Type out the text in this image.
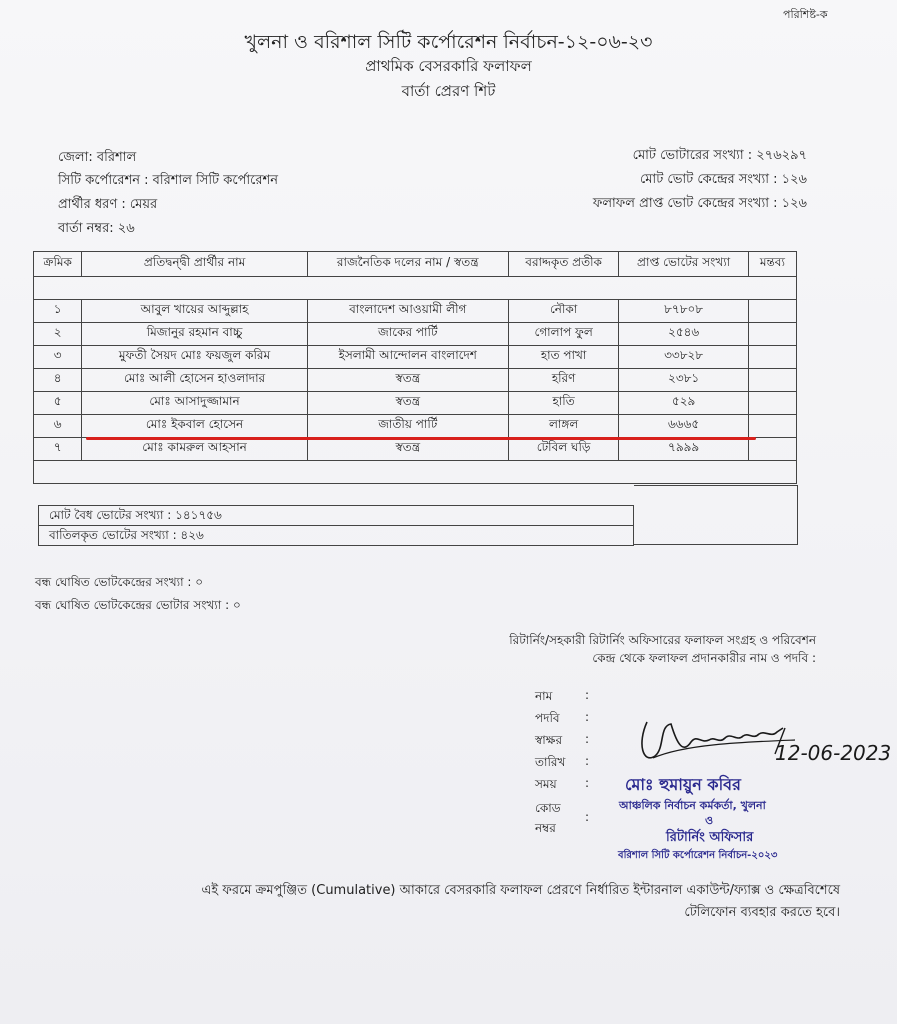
পরিশিষ্ট-ক
খুলনা ও বরিশাল সিটি কর্পোরেশন নির্বাচন-১২-০৬-২৩
প্রাথমিক বেসরকারি ফলাফল
বার্তা প্রেরণ শিট
জেলা: বরিশাল
সিটি কর্পোরেশন : বরিশাল সিটি কর্পোরেশন
প্রার্থীর ধরণ : মেয়র
বার্তা নম্বর: ২৬
মোট ভোটারের সংখ্যা : ২৭৬২৯৭
মোট ভোট কেন্দ্রের সংখ্যা : ১২৬
ফলাফল প্রাপ্ত ভোট কেন্দ্রের সংখ্যা : ১২৬
ক্রমিক	প্রতিদ্বন্দ্বী প্রার্থীর নাম	রাজনৈতিক দলের নাম / স্বতন্ত্র	বরাদ্দকৃত প্রতীক	প্রাপ্ত ভোটের সংখ্যা	মন্তব্য

১	আবুল খায়ের আব্দুল্লাহ	বাংলাদেশ আওয়ামী লীগ	নৌকা	৮৭৮০৮	
২	মিজানুর রহমান বাচ্চু	জাকের পার্টি	গোলাপ ফুল	২৫৪৬	
৩	মুফতী সৈয়দ মোঃ ফয়জুল করিম	ইসলামী আন্দোলন বাংলাদেশ	হাত পাখা	৩৩৮২৮	
৪	মোঃ আলী হোসেন হাওলাদার	স্বতন্ত্র	হরিণ	২৩৮১	
৫	মোঃ আসাদুজ্জামান	স্বতন্ত্র	হাতি	৫২৯	
৬	মোঃ ইকবাল হোসেন	জাতীয় পার্টি	লাঙ্গল	৬৬৬৫	
৭	মোঃ কামরুল আহসান	স্বতন্ত্র	টেবিল ঘড়ি	৭৯৯৯	

মোট বৈধ ভোটের সংখ্যা : ১৪১৭৫৬
বাতিলকৃত ভোটের সংখ্যা : ৪২৬
বন্ধ ঘোষিত ভোটকেন্দ্রের সংখ্যা : ০
বন্ধ ঘোষিত ভোটকেন্দ্রের ভোটার সংখ্যা : ০
রিটার্নিং/সহকারী রিটার্নিং অফিসারের ফলাফল সংগ্রহ ও পরিবেশন
কেন্দ্র থেকে ফলাফল প্রদানকারীর নাম ও পদবি :
নাম	:
পদবি :
স্বাক্ষর :
তারিখ :
সময় :
কোড
নম্বর
:
12-06-2023
মোঃ হুমায়ুন কবির
আঞ্চলিক নির্বাচন কর্মকর্তা, খুলনা
ও
রিটার্নিং অফিসার
বরিশাল সিটি কর্পোরেশন নির্বাচন-২০২৩
এই ফরমে ক্রমপুঞ্জিত (Cumulative) আকারে বেসরকারি ফলাফল প্রেরণে নির্ধারিত ইন্টারনাল একাউন্ট/ফ্যাক্স ও ক্ষেত্রবিশেষে
টেলিফোন ব্যবহার করতে হবে।
